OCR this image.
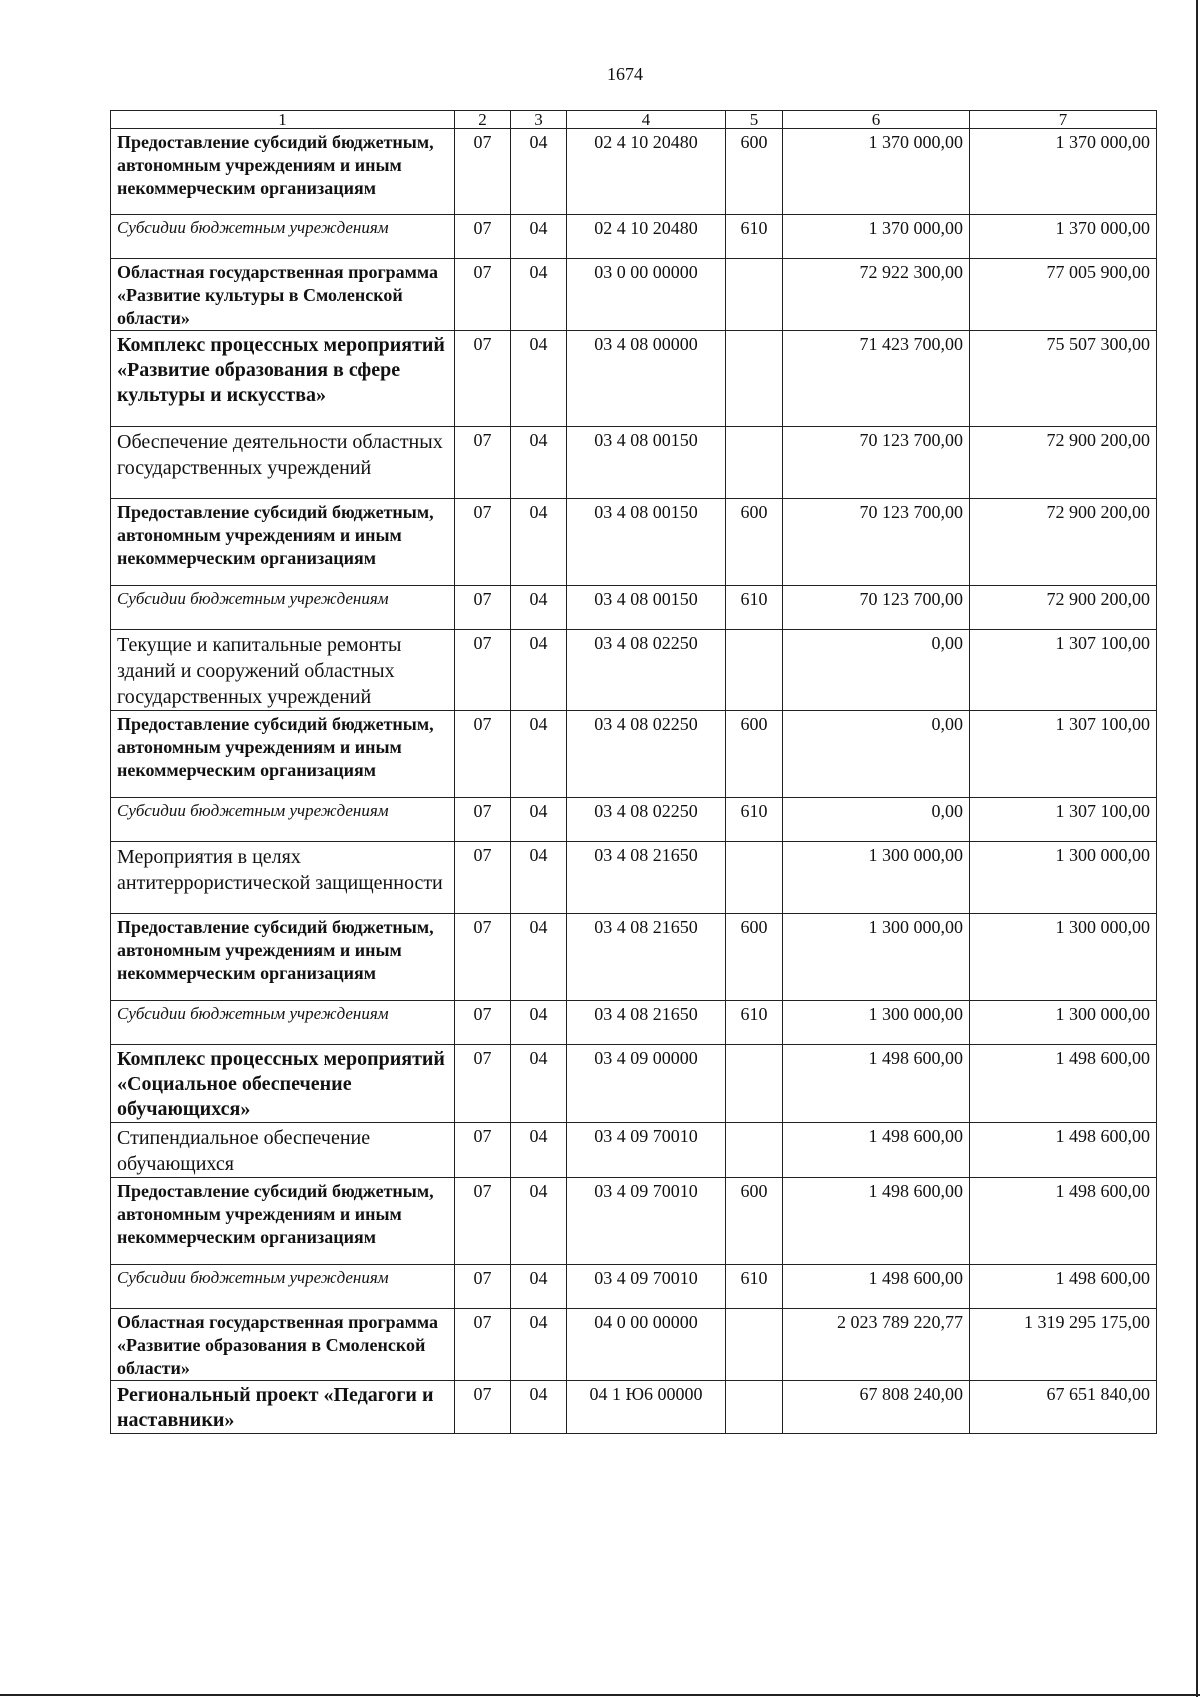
1674
1	2	3	4	5	6	7
Предоставление субсидий бюджетным, автономным учреждениям и иным некоммерческим организациям	07	04	02 4 10 20480	600	1 370 000,00	1 370 000,00
Субсидии бюджетным учреждениям	07	04	02 4 10 20480	610	1 370 000,00	1 370 000,00
Областная государственная программа «Развитие культуры в Смоленской области»	07	04	03 0 00 00000		72 922 300,00	77 005 900,00
Комплекс процессных мероприятий «Развитие образования в сфере культуры и искусства»	07	04	03 4 08 00000		71 423 700,00	75 507 300,00
Обеспечение деятельности областных государственных учреждений	07	04	03 4 08 00150		70 123 700,00	72 900 200,00
Предоставление субсидий бюджетным, автономным учреждениям и иным некоммерческим организациям	07	04	03 4 08 00150	600	70 123 700,00	72 900 200,00
Субсидии бюджетным учреждениям	07	04	03 4 08 00150	610	70 123 700,00	72 900 200,00
Текущие и капитальные ремонты зданий и сооружений областных государственных учреждений	07	04	03 4 08 02250		0,00	1 307 100,00
Предоставление субсидий бюджетным, автономным учреждениям и иным некоммерческим организациям	07	04	03 4 08 02250	600	0,00	1 307 100,00
Субсидии бюджетным учреждениям	07	04	03 4 08 02250	610	0,00	1 307 100,00
Мероприятия в целях антитеррористической защищенности	07	04	03 4 08 21650		1 300 000,00	1 300 000,00
Предоставление субсидий бюджетным, автономным учреждениям и иным некоммерческим организациям	07	04	03 4 08 21650	600	1 300 000,00	1 300 000,00
Субсидии бюджетным учреждениям	07	04	03 4 08 21650	610	1 300 000,00	1 300 000,00
Комплекс процессных мероприятий «Социальное обеспечение обучающихся»	07	04	03 4 09 00000		1 498 600,00	1 498 600,00
Стипендиальное обеспечение обучающихся	07	04	03 4 09 70010		1 498 600,00	1 498 600,00
Предоставление субсидий бюджетным, автономным учреждениям и иным некоммерческим организациям	07	04	03 4 09 70010	600	1 498 600,00	1 498 600,00
Субсидии бюджетным учреждениям	07	04	03 4 09 70010	610	1 498 600,00	1 498 600,00
Областная государственная программа «Развитие образования в Смоленской области»	07	04	04 0 00 00000		2 023 789 220,77	1 319 295 175,00
Региональный проект «Педагоги и наставники»	07	04	04 1 Ю6 00000		67 808 240,00	67 651 840,00
